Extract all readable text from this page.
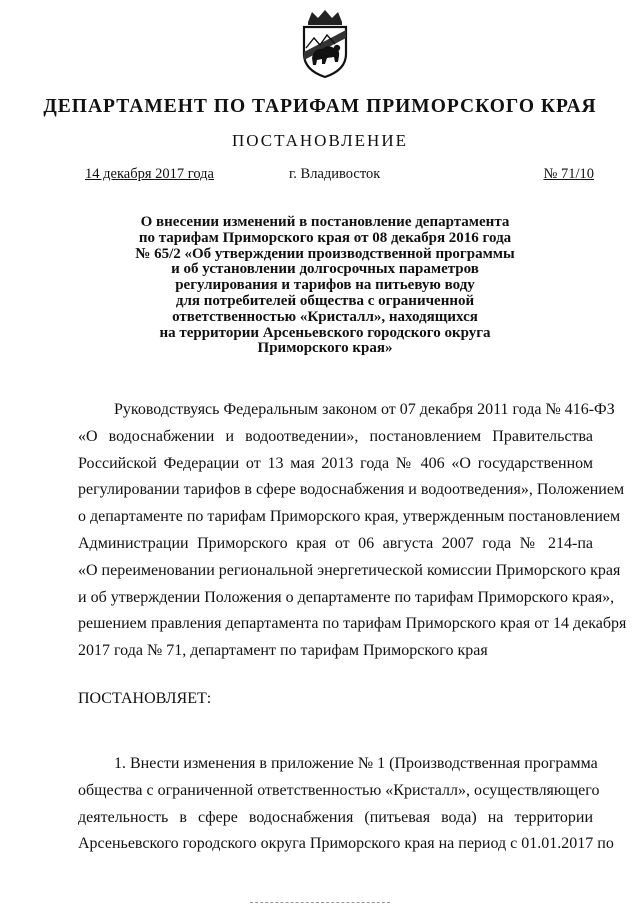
ДЕПАРТАМЕНТ ПО ТАРИФАМ ПРИМОРСКОГО КРАЯ
ПОСТАНОВЛЕНИЕ
14 декабря 2017 года	г. Владивосток	№ 71/10
О внесении изменений в постановление департамента
по тарифам Приморского края от 08 декабря 2016 года
№ 65/2 «Об утверждении производственной программы
и об установлении долгосрочных параметров
регулирования и тарифов на питьевую воду
для потребителей общества с ограниченной
ответственностью «Кристалл», находящихся
на территории Арсеньевского городского округа
Приморского края»
Руководствуясь Федеральным законом от 07 декабря 2011 года № 416-ФЗ
«О водоснабжении и водоотведении», постановлением Правительства
Российской Федерации от 13 мая 2013 года № 406 «О государственном
регулировании тарифов в сфере водоснабжения и водоотведения», Положением
о департаменте по тарифам Приморского края, утвержденным постановлением
Администрации Приморского края от 06 августа 2007 года № 214-па
«О переименовании региональной энергетической комиссии Приморского края
и об утверждении Положения о департаменте по тарифам Приморского края»,
решением правления департамента по тарифам Приморского края от 14 декабря
2017 года № 71, департамент по тарифам Приморского края
ПОСТАНОВЛЯЕТ:
1. Внести изменения в приложение № 1 (Производственная программа
общества с ограниченной ответственностью «Кристалл», осуществляющего
деятельность в сфере водоснабжения (питьевая вода) на территории
Арсеньевского городского округа Приморского края на период с 01.01.2017 по
